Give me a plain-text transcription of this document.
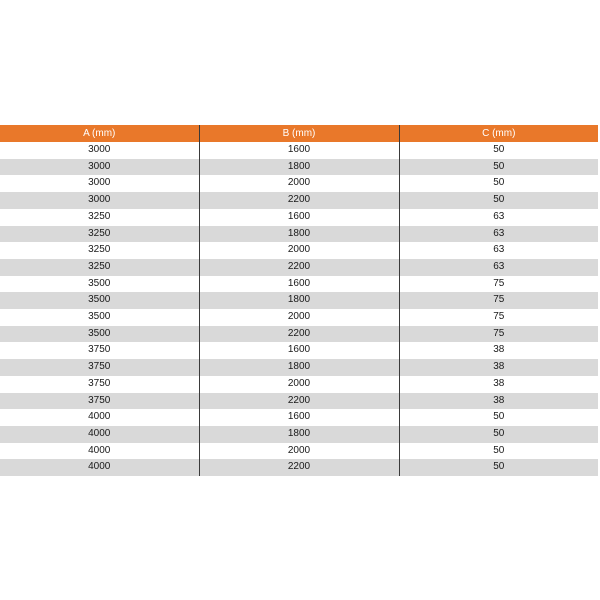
A (mm)	B (mm)	C (mm)
3000	1600	50
3000	1800	50
3000	2000	50
3000	2200	50
3250	1600	63
3250	1800	63
3250	2000	63
3250	2200	63
3500	1600	75
3500	1800	75
3500	2000	75
3500	2200	75
3750	1600	38
3750	1800	38
3750	2000	38
3750	2200	38
4000	1600	50
4000	1800	50
4000	2000	50
4000	2200	50
